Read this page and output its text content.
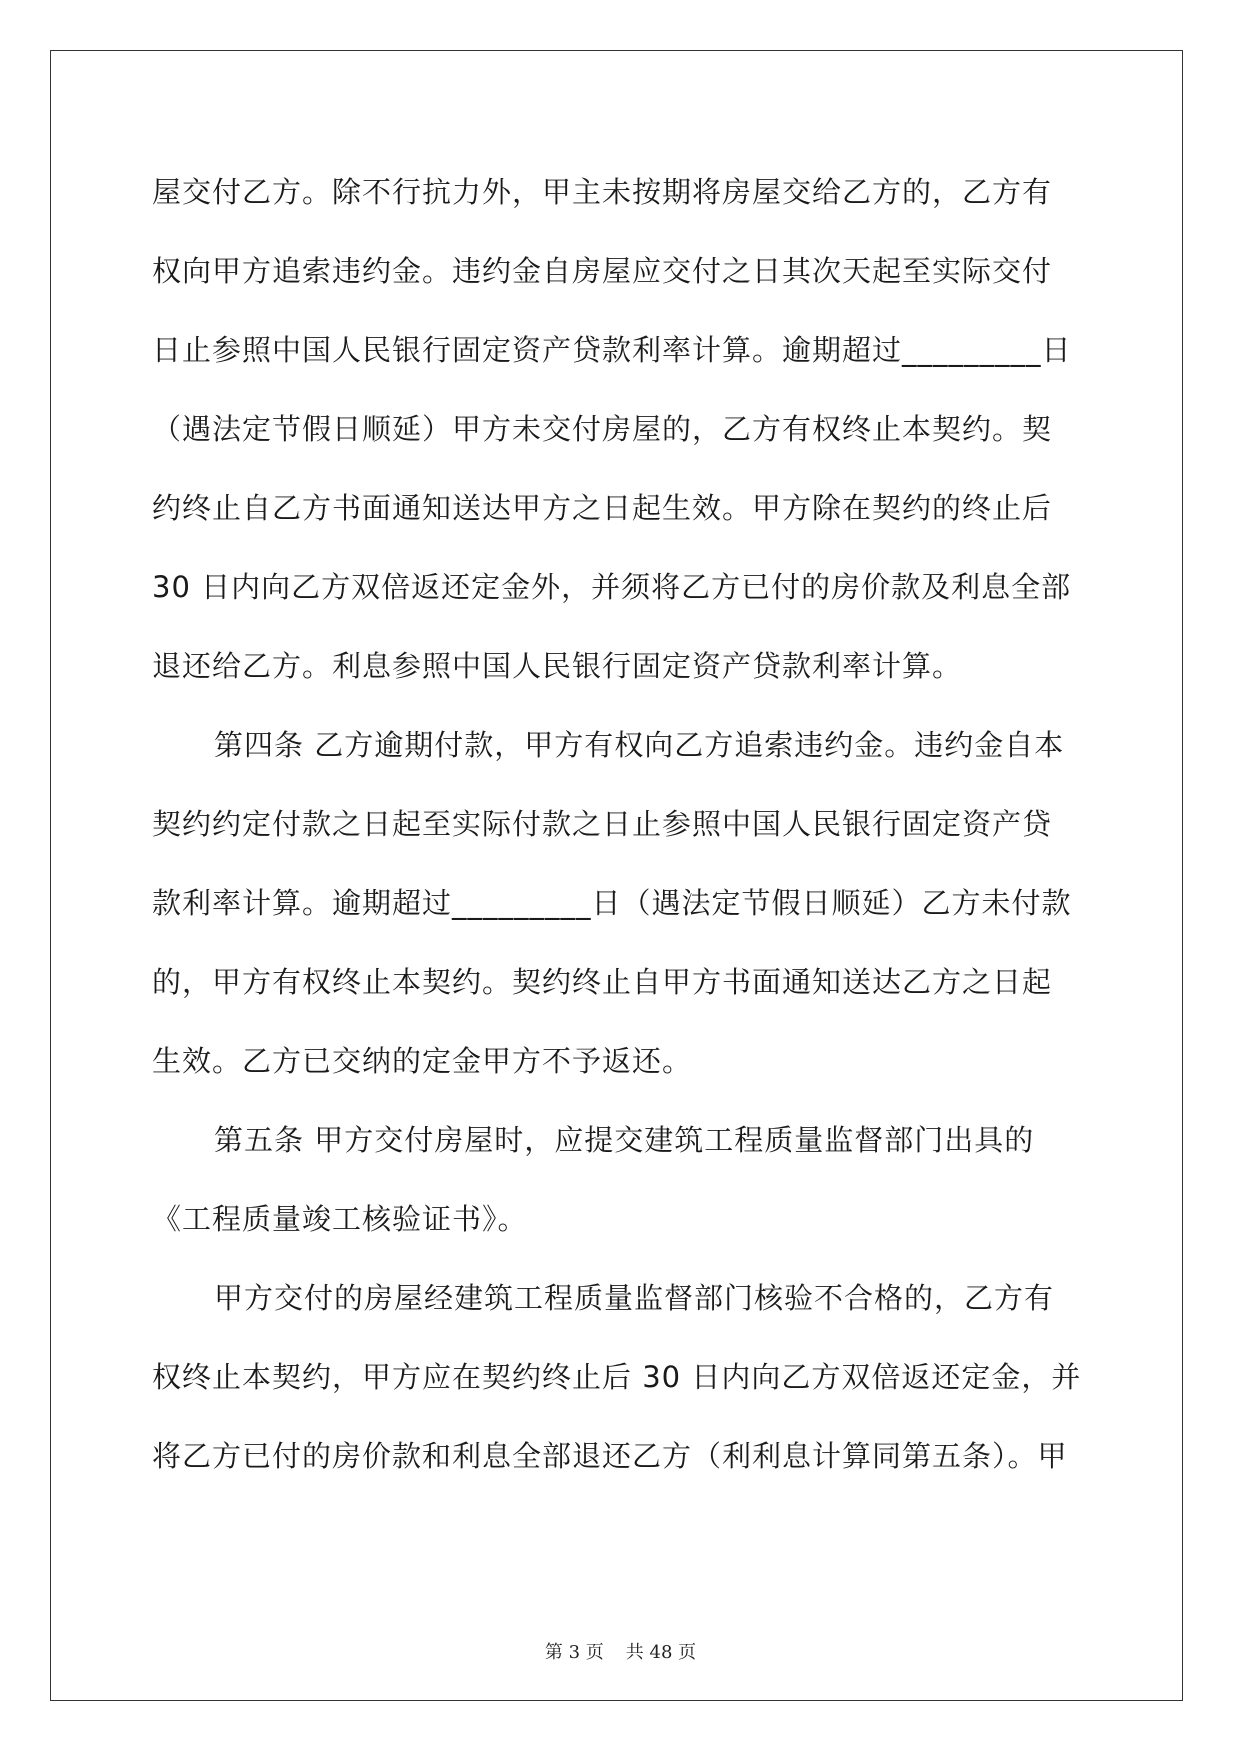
屋交付乙方。除不行抗力外，甲主未按期将房屋交给乙方的，乙方有
权向甲方追索违约金。违约金自房屋应交付之日其次天起至实际交付
日止参照中国人民银行固定资产贷款利率计算。逾期超过_________日
（遇法定节假日顺延）甲方未交付房屋的，乙方有权终止本契约。契
约终止自乙方书面通知送达甲方之日起生效。甲方除在契约的终止后
30 日内向乙方双倍返还定金外，并须将乙方已付的房价款及利息全部
退还给乙方。利息参照中国人民银行固定资产贷款利率计算。
第四条 乙方逾期付款，甲方有权向乙方追索违约金。违约金自本
契约约定付款之日起至实际付款之日止参照中国人民银行固定资产贷
款利率计算。逾期超过_________日（遇法定节假日顺延）乙方未付款
的，甲方有权终止本契约。契约终止自甲方书面通知送达乙方之日起
生效。乙方已交纳的定金甲方不予返还。
第五条 甲方交付房屋时，应提交建筑工程质量监督部门出具的
《工程质量竣工核验证书》。
甲方交付的房屋经建筑工程质量监督部门核验不合格的，乙方有
权终止本契约，甲方应在契约终止后 30 日内向乙方双倍返还定金，并
将乙方已付的房价款和利息全部退还乙方（利利息计算同第五条）。甲
第 3 页 共 48 页
